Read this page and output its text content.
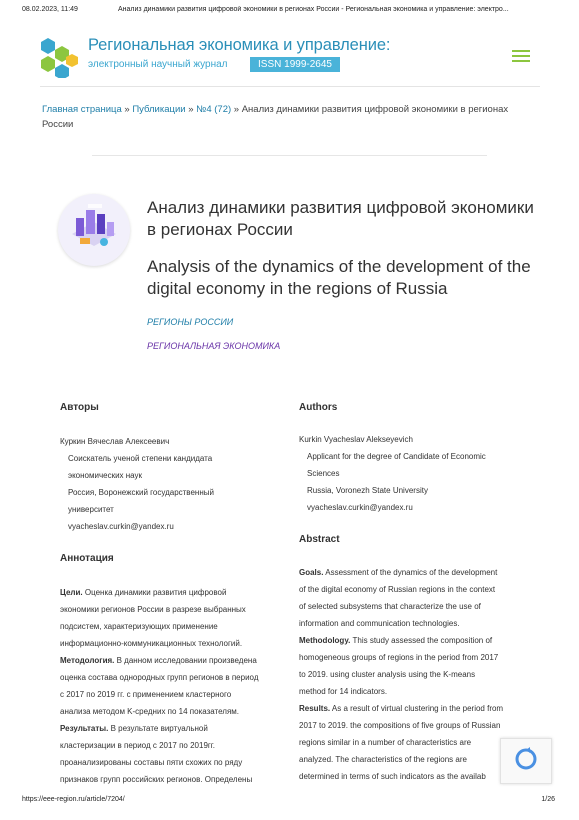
08.02.2023, 11:49	Анализ динамики развития цифровой экономики в регионах России - Региональная экономика и управление: электро...
Региональная экономика и управление:
электронный научный журнал	ISSN 1999-2645
Главная страница » Публикации » №4 (72) » Анализ динамики развития цифровой экономики в регионах России
Анализ динамики развития цифровой экономики в регионах России
Analysis of the dynamics of the development of the digital economy in the regions of Russia
РЕГИОНЫ РОССИИ
РЕГИОНАЛЬНАЯ ЭКОНОМИКА
Авторы
Куркин Вячеслав Алексеевич
Соискатель ученой степени кандидата
экономических наук
Россия, Воронежский государственный
университет
vyacheslav.curkin@yandex.ru
Аннотация
Цели. Оценка динамики развития цифровой
экономики регионов России в разрезе выбранных
подсистем, характеризующих применение
информационно-коммуникационных технологий.
Методология. В данном исследовании произведена
оценка состава однородных групп регионов в период
с 2017 по 2019 гг. с применением кластерного
анализа методом K-средних по 14 показателям.
Результаты. В результате виртуальной
кластеризации в период с 2017 по 2019гг.
проанализированы составы пяти схожих по ряду
признаков групп российских регионов. Определены
Authors
Kurkin Vyacheslav Alekseyevich
Applicant for the degree of Candidate of Economic
Sciences
Russia, Voronezh State University
vyacheslav.curkin@yandex.ru
Abstract
Goals. Assessment of the dynamics of the development
of the digital economy of Russian regions in the context
of selected subsystems that characterize the use of
information and communication technologies.
Methodology. This study assessed the composition of
homogeneous groups of regions in the period from 2017
to 2019. using cluster analysis using the K-means
method for 14 indicators.
Results. As a result of virtual clustering in the period from
2017 to 2019. the compositions of five groups of Russian
regions similar in a number of characteristics are
analyzed. The characteristics of the regions are
determined in terms of such indicators as the availab
https://eee-region.ru/article/7204/	1/26
